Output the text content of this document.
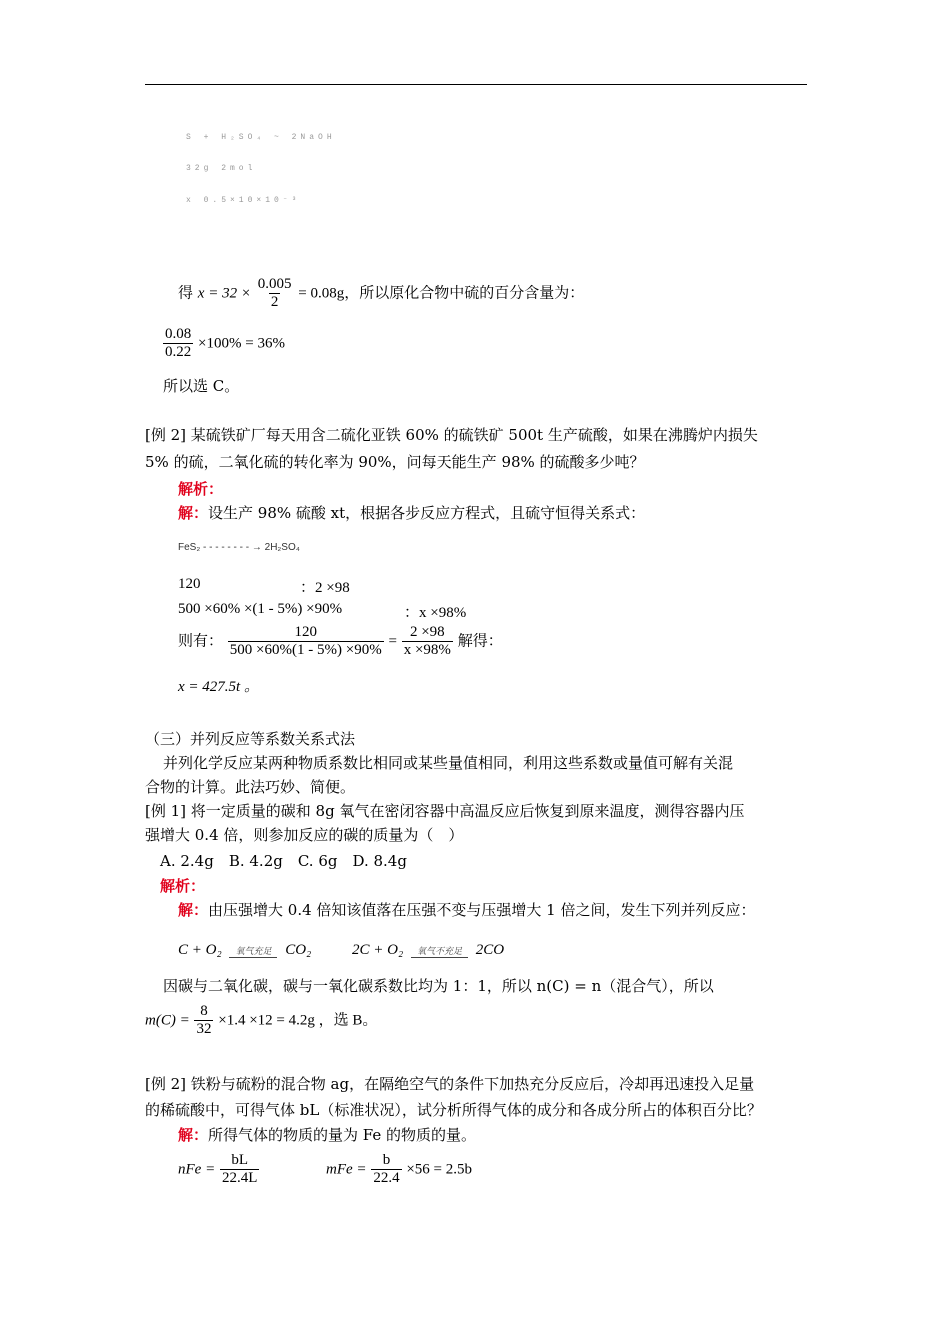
S + H₂SO₄ ~ 2NaOH
32g 2mol
x 0.5×10×10⁻³
得 $x = 32 \times \frac{0.005}{2} = 0.08g$，所以原化合物中硫的百分含量为：
$\frac{0.08}{0.22} \times 100\% = 36\%$
所以选 C。
[例 2] 某硫铁矿厂每天用含二硫化亚铁 60% 的硫铁矿 500t 生产硫酸，如果在沸腾炉内损失
5% 的硫，二氧化硫的转化率为 90%，问每天能生产 98% 的硫酸多少吨？
解析：
解：设生产 98% 硫酸 xt，根据各步反应方程式，且硫守恒得关系式：
FeS₂ - - - - - - - - → 2H₂SO₄
120	：2 ×98
500 ×60% ×(1 - 5%) ×90%	：x ×98%
则有： $\frac{120}{500 \times 60\%(1 - 5\%) \times 90\%} = \frac{2 \times 98}{x \times 98\%}$ 解得：
x = 427.5t 。
（三）并列反应等系数关系式法
并列化学反应某两种物质系数比相同或某些量值相同，利用这些系数或量值可解有关混
合物的计算。此法巧妙、简便。
[例 1] 将一定质量的碳和 8g 氧气在密闭容器中高温反应后恢复到原来温度，测得容器内压
强增大 0.4 倍，则参加反应的碳的质量为（　）
A. 2.4g　B. 4.2g　C. 6g　D. 8.4g
解析：
解：由压强增大 0.4 倍知该值落在压强不变与压强增大 1 倍之间，发生下列并列反应：
C + O₂	氧气充足 CO₂	2C + O₂	氧气不充足 2CO
因碳与二氧化碳，碳与一氧化碳系数比均为 1：1，所以 n(C) = n（混合气），所以
$m(C) = \frac{8}{32} \times 1.4 \times 12 = 4.2g$ ，选 B。
[例 2] 铁粉与硫粉的混合物 ag，在隔绝空气的条件下加热充分反应后，冷却再迅速投入足量
的稀硫酸中，可得气体 bL（标准状况），试分析所得气体的成分和各成分所占的体积百分比？
解：所得气体的物质的量为 Fe 的物质的量。
nFe = $\frac{bL}{22.4L}$	mFe = $\frac{b}{22.4} \times 56 = 2.5b$
